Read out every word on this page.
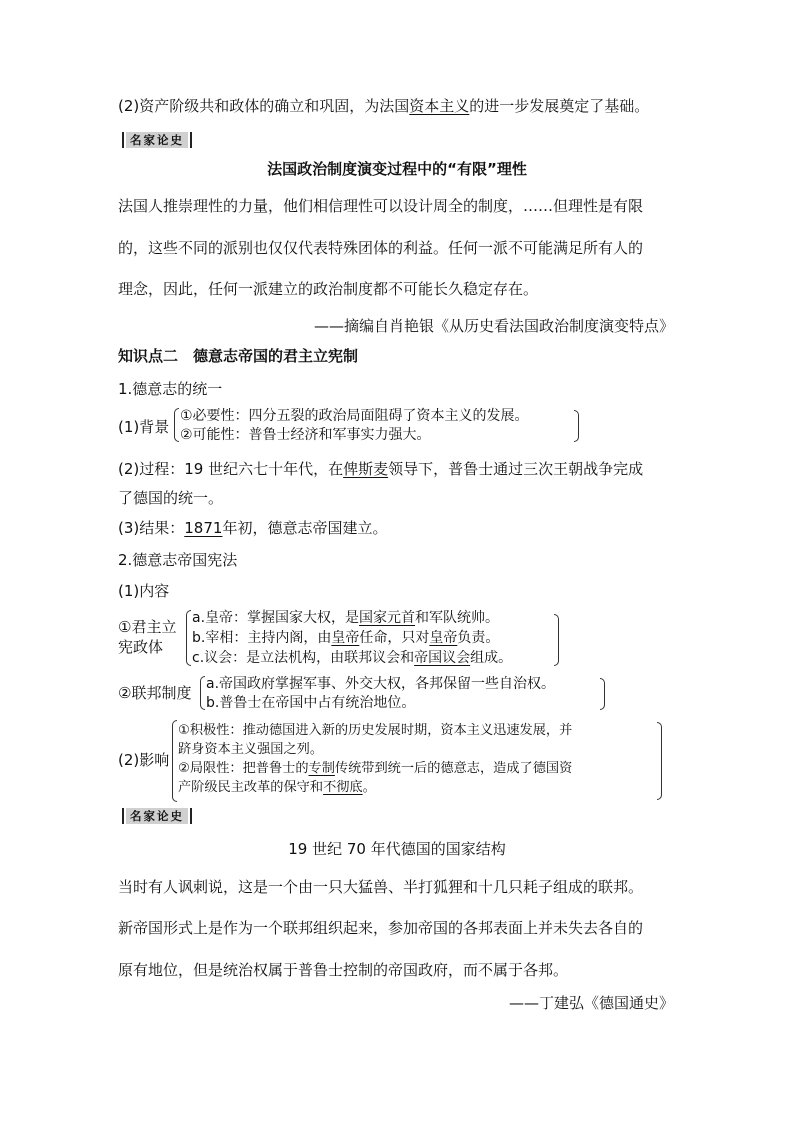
(2)资产阶级共和政体的确立和巩固，为法国资本主义的进一步发展奠定了基础。
名家论史
法国政治制度演变过程中的“有限”理性
法国人推崇理性的力量，他们相信理性可以设计周全的制度，……但理性是有限
的，这些不同的派别也仅仅代表特殊团体的利益。任何一派不可能满足所有人的
理念，因此，任何一派建立的政治制度都不可能长久稳定存在。
——摘编自肖艳银《从历史看法国政治制度演变特点》
知识点二　德意志帝国的君主立宪制
1.德意志的统一
(1)背景
①必要性：四分五裂的政治局面阻碍了资本主义的发展。
②可能性：普鲁士经济和军事实力强大。
(2)过程：19 世纪六七十年代，在俾斯麦领导下，普鲁士通过三次王朝战争完成
了德国的统一。
(3)结果：1871年初，德意志帝国建立。
2.德意志帝国宪法
(1)内容
①君主立
宪政体
a.皇帝：掌握国家大权，是国家元首和军队统帅。
b.宰相：主持内阁，由皇帝任命，只对皇帝负责。
c.议会：是立法机构，由联邦议会和帝国议会组成。
②联邦制度 a.帝国政府掌握军事、外交大权，各邦保留一些自治权。
b.普鲁士在帝国中占有统治地位。
(2)影响
①积极性：推动德国进入新的历史发展时期，资本主义迅速发展，并
跻身资本主义强国之列。
②局限性：把普鲁士的专制传统带到统一后的德意志，造成了德国资
产阶级民主改革的保守和不彻底。
名家论史
19 世纪 70 年代德国的国家结构
当时有人讽刺说，这是一个由一只大猛兽、半打狐狸和十几只耗子组成的联邦。
新帝国形式上是作为一个联邦组织起来，参加帝国的各邦表面上并未失去各自的
原有地位，但是统治权属于普鲁士控制的帝国政府，而不属于各邦。
——丁建弘《德国通史》
